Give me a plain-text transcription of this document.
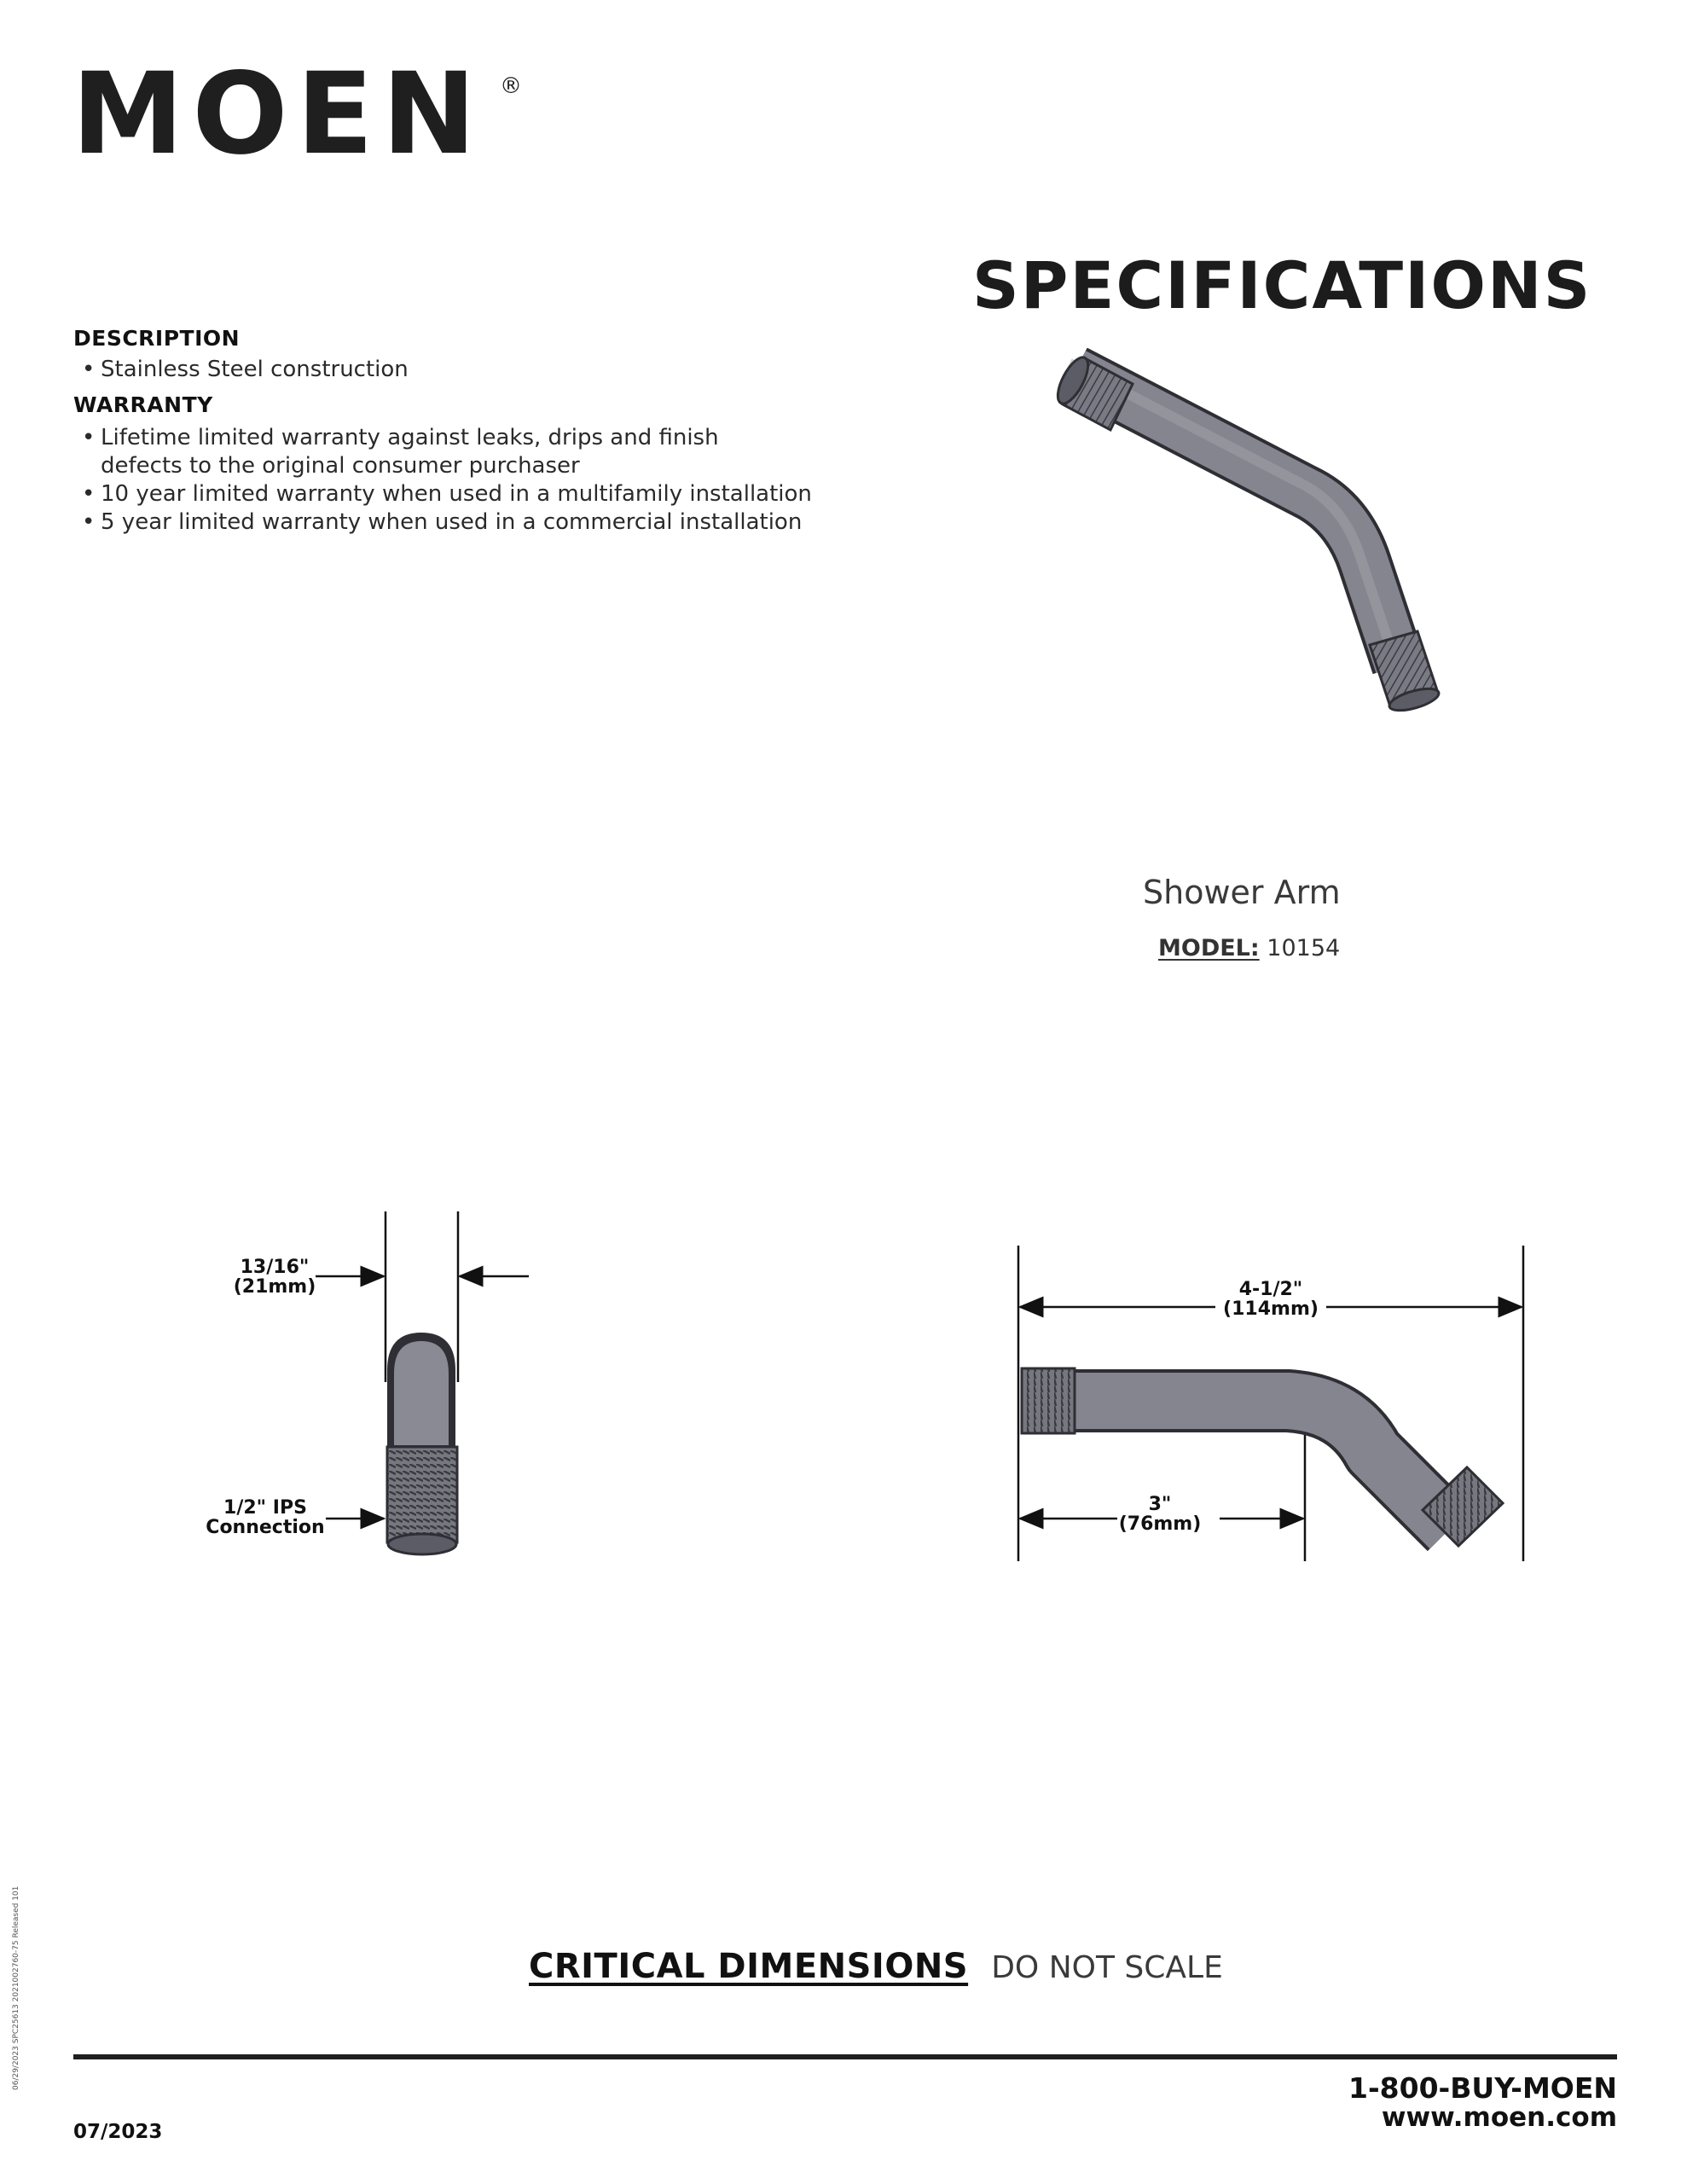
MOEN ®
SPECIFICATIONS
DESCRIPTION
• Stainless Steel construction
WARRANTY
• Lifetime limited warranty against leaks, drips and finish
defects to the original consumer purchaser
• 10 year limited warranty when used in a multifamily installation
• 5 year limited warranty when used in a commercial installation
Shower Arm
MODEL: 10154
13/16"
(21mm)
1/2" IPS
Connection
4-1/2"
(114mm)
3"
(76mm)
CRITICAL DIMENSIONS DO NOT SCALE
1-800-BUY-MOEN
www.moen.com
07/2023
06/29/2023 SPC25613 2021002760-75 Released 101
